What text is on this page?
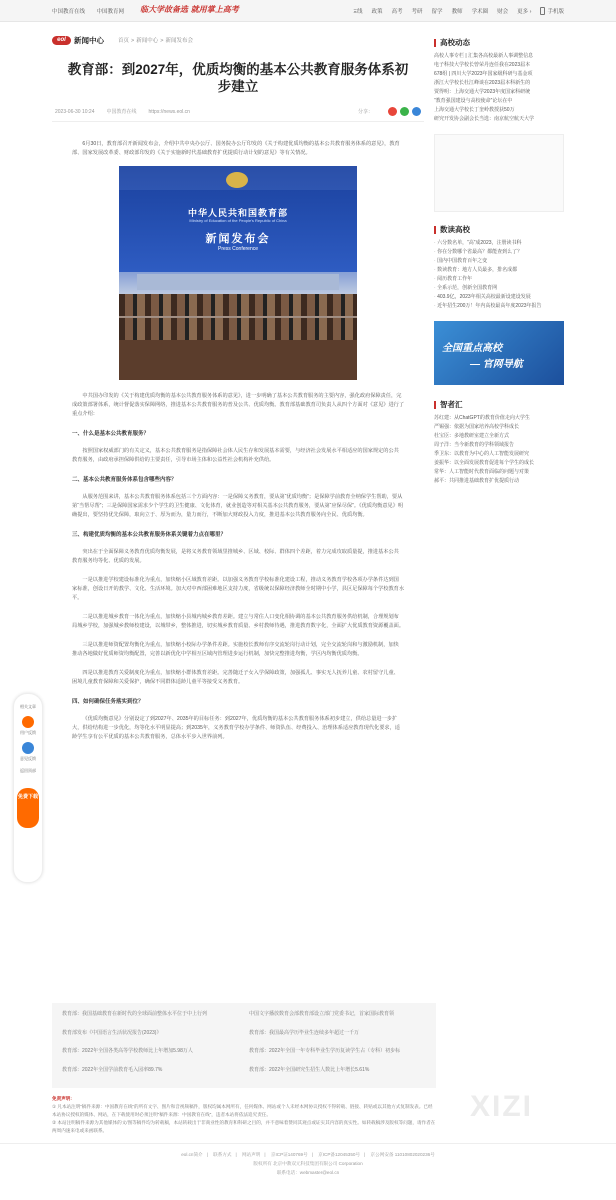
中国教育在线 中国教育网	临大学故备选 就用掌上高考	Ξ线 政策 高考 考研 留学 教师 学术圈 财会 更多 ›	手机版
eol	新闻中心	首页 > 新闻中心 > 新闻发布会
教育部：到2027年，优质均衡的基本公共教育服务体系初步建立
2023-06-30 10:24 中国教育在线 https://news.eol.cn	分享：

6月30日，教育部召开新闻发布会，介绍中共中央办公厅、国务院办公厅印发的《关于构建优质均衡的基本公共教育服务体系的意见》，教育部、国家发展改革委、财政部印发的《关于实施新时代基础教育扩优提质行动计划的意见》等有关情况。

中华人民共和国教育部
Ministry of Education of the People's Republic of China
新闻发布会
Press Conference

中共国办印发的《关于构建优质均衡的基本公共教育服务体系的意见》，进一步明确了基本公共教育服务的主要内容，强化政府保障责任，完成政策部署体系，统计督促落实保障网络，推进基本公共教育服务的普及公共、优质均衡。教育部基础教育司负责人从四个方面对《意见》进行了重点介绍：

一、什么是基本公共教育服务？

按照国家权威部门的有关定义，基本公共教育服务是指保障社会体人民生存和发展基本需要，与经济社会发展水平相适应的国家规定的公共教育服务，由政府承担保障供给的主要责任，引导市场主体和公益性社会机构补充供给。

二、基本公共教育服务体系包含哪些内容？

从服务范围来讲，基本公共教育服务体系包括三个方面内容：一是保障义务教育，要从第“优质均衡”；是保障学前教育全纳保学生帮助，要从第“当帮尽帮”；三是保障国家需求少个学生的卫生健康、文化体育，就业创造等对相关基本公共教育服务，要从第“应保尽保”。《优质均衡意见》明确提出，要坚持优先保障，取向立于、厚为而为，量力而行，不断加大财政投入力度，推进基本公共教育服务向全民、优质均衡。

三、构建优质均衡的基本公共教育服务体系关键着力点在哪里？

突出在于全面保障义务教育优质均衡发展，是将义务教育领域里推城乡、区域、校际、群体四个差距，着力完成攻取质量提，推进基本公共教育服务均等化、优质的发展。

一是以推进学校建设标准化为重点，加快缩小区域教育差距。以加强义务教育学校标准化建设工程，推动义务教育学校各项办学条件达到国家标准，创设日开的教学、文化、生活环境。加大对中西部困难地区支持力度，省级统以保障经济教师全时期中小学，县区足保障每个学校教育水平。

二是以推进城乡教育一体化为重点，加快缩小县城内城乡教育差距。建立与常住人口变化相协调的基本公共教育服务供给机制，合理规划布局城乡学校，加强城乡教师校建设，以城带乡，整体推进，切实城乡教育质量、乡村教师待遇，推进教育数字化，全面扩大优质教育资源覆盖面。

三是以推进师资配置均衡化为重点，加快缩小校际办学条件差距。实施校长教师有序交流轮岗行动计划，完全交流轮岗和与激励机制，加快推动各地做好优质师资均衡配置，完善以新优化中学相互区域内管理进步运行机制，加快完整推进均衡，学区内均衡优质均衡。

四是以推进教育关爱制度化为重点，加快缩小群体教育差距。完善随迁子女入学保障政策，加强孤儿、事实无人抚养儿童、农村留守儿童、困境儿童教育保障和关爱保护，确保不同群体适龄儿童平等接受义务教育。

四、如何确保任务落实到位？

《优质均衡意见》分别设定了到2027年、2035年的目标任务：到2027年，优质均衡的基本公共教育服务体系初步建立，供给总量进一步扩大，供给结构进一步优化，均等化水平明显提高；到2035年，义务教育学校办学条件、师资队伍、经费投入、治理体系适应教育现代化要求，适龄学生享有公平优质的基本公共教育服务，总体水平步入世界前列。

教育部：我国基础教育在新时代的全球面前整体水平位于中上行列	中国文字播放数育会部教育部设立部门党委书记，首家国际教育领
教育部发布《中国语言生活状况报告(2023)》	教育部：我国最高学历毕业生连续多年超过一千万
教育部：2022年全国各类高等学校教师比上年增加5.98万人	教育部：2022年全国一年专科毕业生学历复读学生占（专科）初步标
教育部：2022年全国学前教育毛入园率89.7%	教育部：2022年全国研究生招生人数比上年增长5.61%
免责声明:
① 凡本站注明“稿件来源：中国教育在线”的所有文字、图片和音视频稿件，版权均属本网所有，任何媒体、网站或个人未经本网协议授权不得转载、链接、转贴或以其他方式复制发表。已经本站协议授权的媒体、网站，在下载使用时必须注明“稿件来源：中国教育在线”，违者本站将依法追究责任。
② 本站注明稿件来源为其他媒体的文/图等稿件均为转载稿，本站转载出于非商业性的教育和科研之目的，并不意味着赞同其观点或证实其内容的真实性。如转载稿涉及版权等问题，请作者在两周内速来电或来函联系。
XIZI
高校动态
高校人事专栏 | 汇集各高校最新人事调整信息
电子科技大学校长曾荣丹连任我在2023届本
678组 | 四川大学2023年国家级科研与基金项
浙江大学校长杜江峰谈在2023届本科新生的
贾得明：上海交通大学2023年度国家科研统
“教育强国建设与高校使命”论坛在中
上海交通大学校长丁奎岭教授获50万
研究开发协会副会长当选：南京航空航天大学
数读高校
· 六分数名单，“高”成2023，注册读书科
· 你在分数哪个省最高？都能查到么了？
· 国内中国教育百年之变
· 数读教育：地方人员最多，排名成都
· 阅历教育工作年
· 全系示范，创新全国教育网
· 403.9亿，2023年相关高校最新设建设发展
· 近年招生200万！年内高校最高年度2023年报告
全国重点高校
— 官网导航
智者汇
苏红建：从ChatGPT的教育价值走向大学生
严锡强：依据为国家培养高校学科成长
杜宝臣：多地教研室建立全新方式
周子洋：当今新教育的学科领域报告
季卫东：以教育为中心的人工智能发展研究
姜振华：以全面发展教育促进每个学生的成长
常华：人工智能时代教育面临的问题与对策
郝平：共同推进基础教育扩优提质行动
相关文章
用户反馈
意见反馈
返回顶部
免费下载
eol.cn简介 | 联系方式 | 网站声明 | 京ICP证140769号 | 京ICP备12045350号 | 京公网安备 11010802020236号
版权所有 北京中教双元科技集团有限公司 Corporation
联系电话：webmaster@eol.cn
